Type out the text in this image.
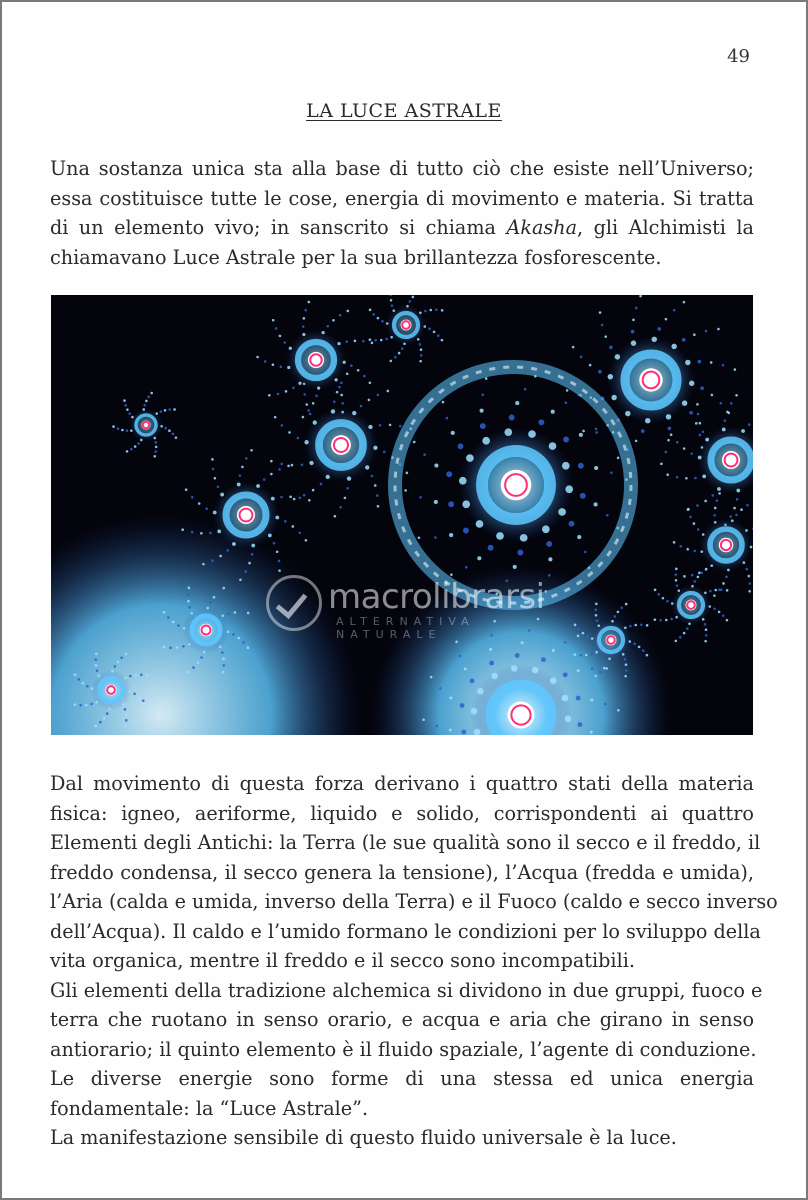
49
LA LUCE ASTRALE

Una sostanza unica sta alla base di tutto ciò che esiste nell’Universo;
essa costituisce tutte le cose, energia di movimento e materia. Si tratta
di un elemento vivo; in sanscrito si chiama Akasha, gli Alchimisti la
chiamavano Luce Astrale per la sua brillantezza fosforescente.

macrolibrarsi
ALTERNATIVA NATURALE

Dal movimento di questa forza derivano i quattro stati della materia
fisica: igneo, aeriforme, liquido e solido, corrispondenti ai quattro
Elementi degli Antichi: la Terra (le sue qualità sono il secco e il freddo, il
freddo condensa, il secco genera la tensione), l’Acqua (fredda e umida),
l’Aria (calda e umida, inverso della Terra) e il Fuoco (caldo e secco inverso
dell’Acqua). Il caldo e l’umido formano le condizioni per lo sviluppo della
vita organica, mentre il freddo e il secco sono incompatibili.
Gli elementi della tradizione alchemica si dividono in due gruppi, fuoco e
terra che ruotano in senso orario, e acqua e aria che girano in senso
antiorario; il quinto elemento è il fluido spaziale, l’agente di conduzione.
Le diverse energie sono forme di una stessa ed unica energia
fondamentale: la “Luce Astrale”.
La manifestazione sensibile di questo fluido universale è la luce.
